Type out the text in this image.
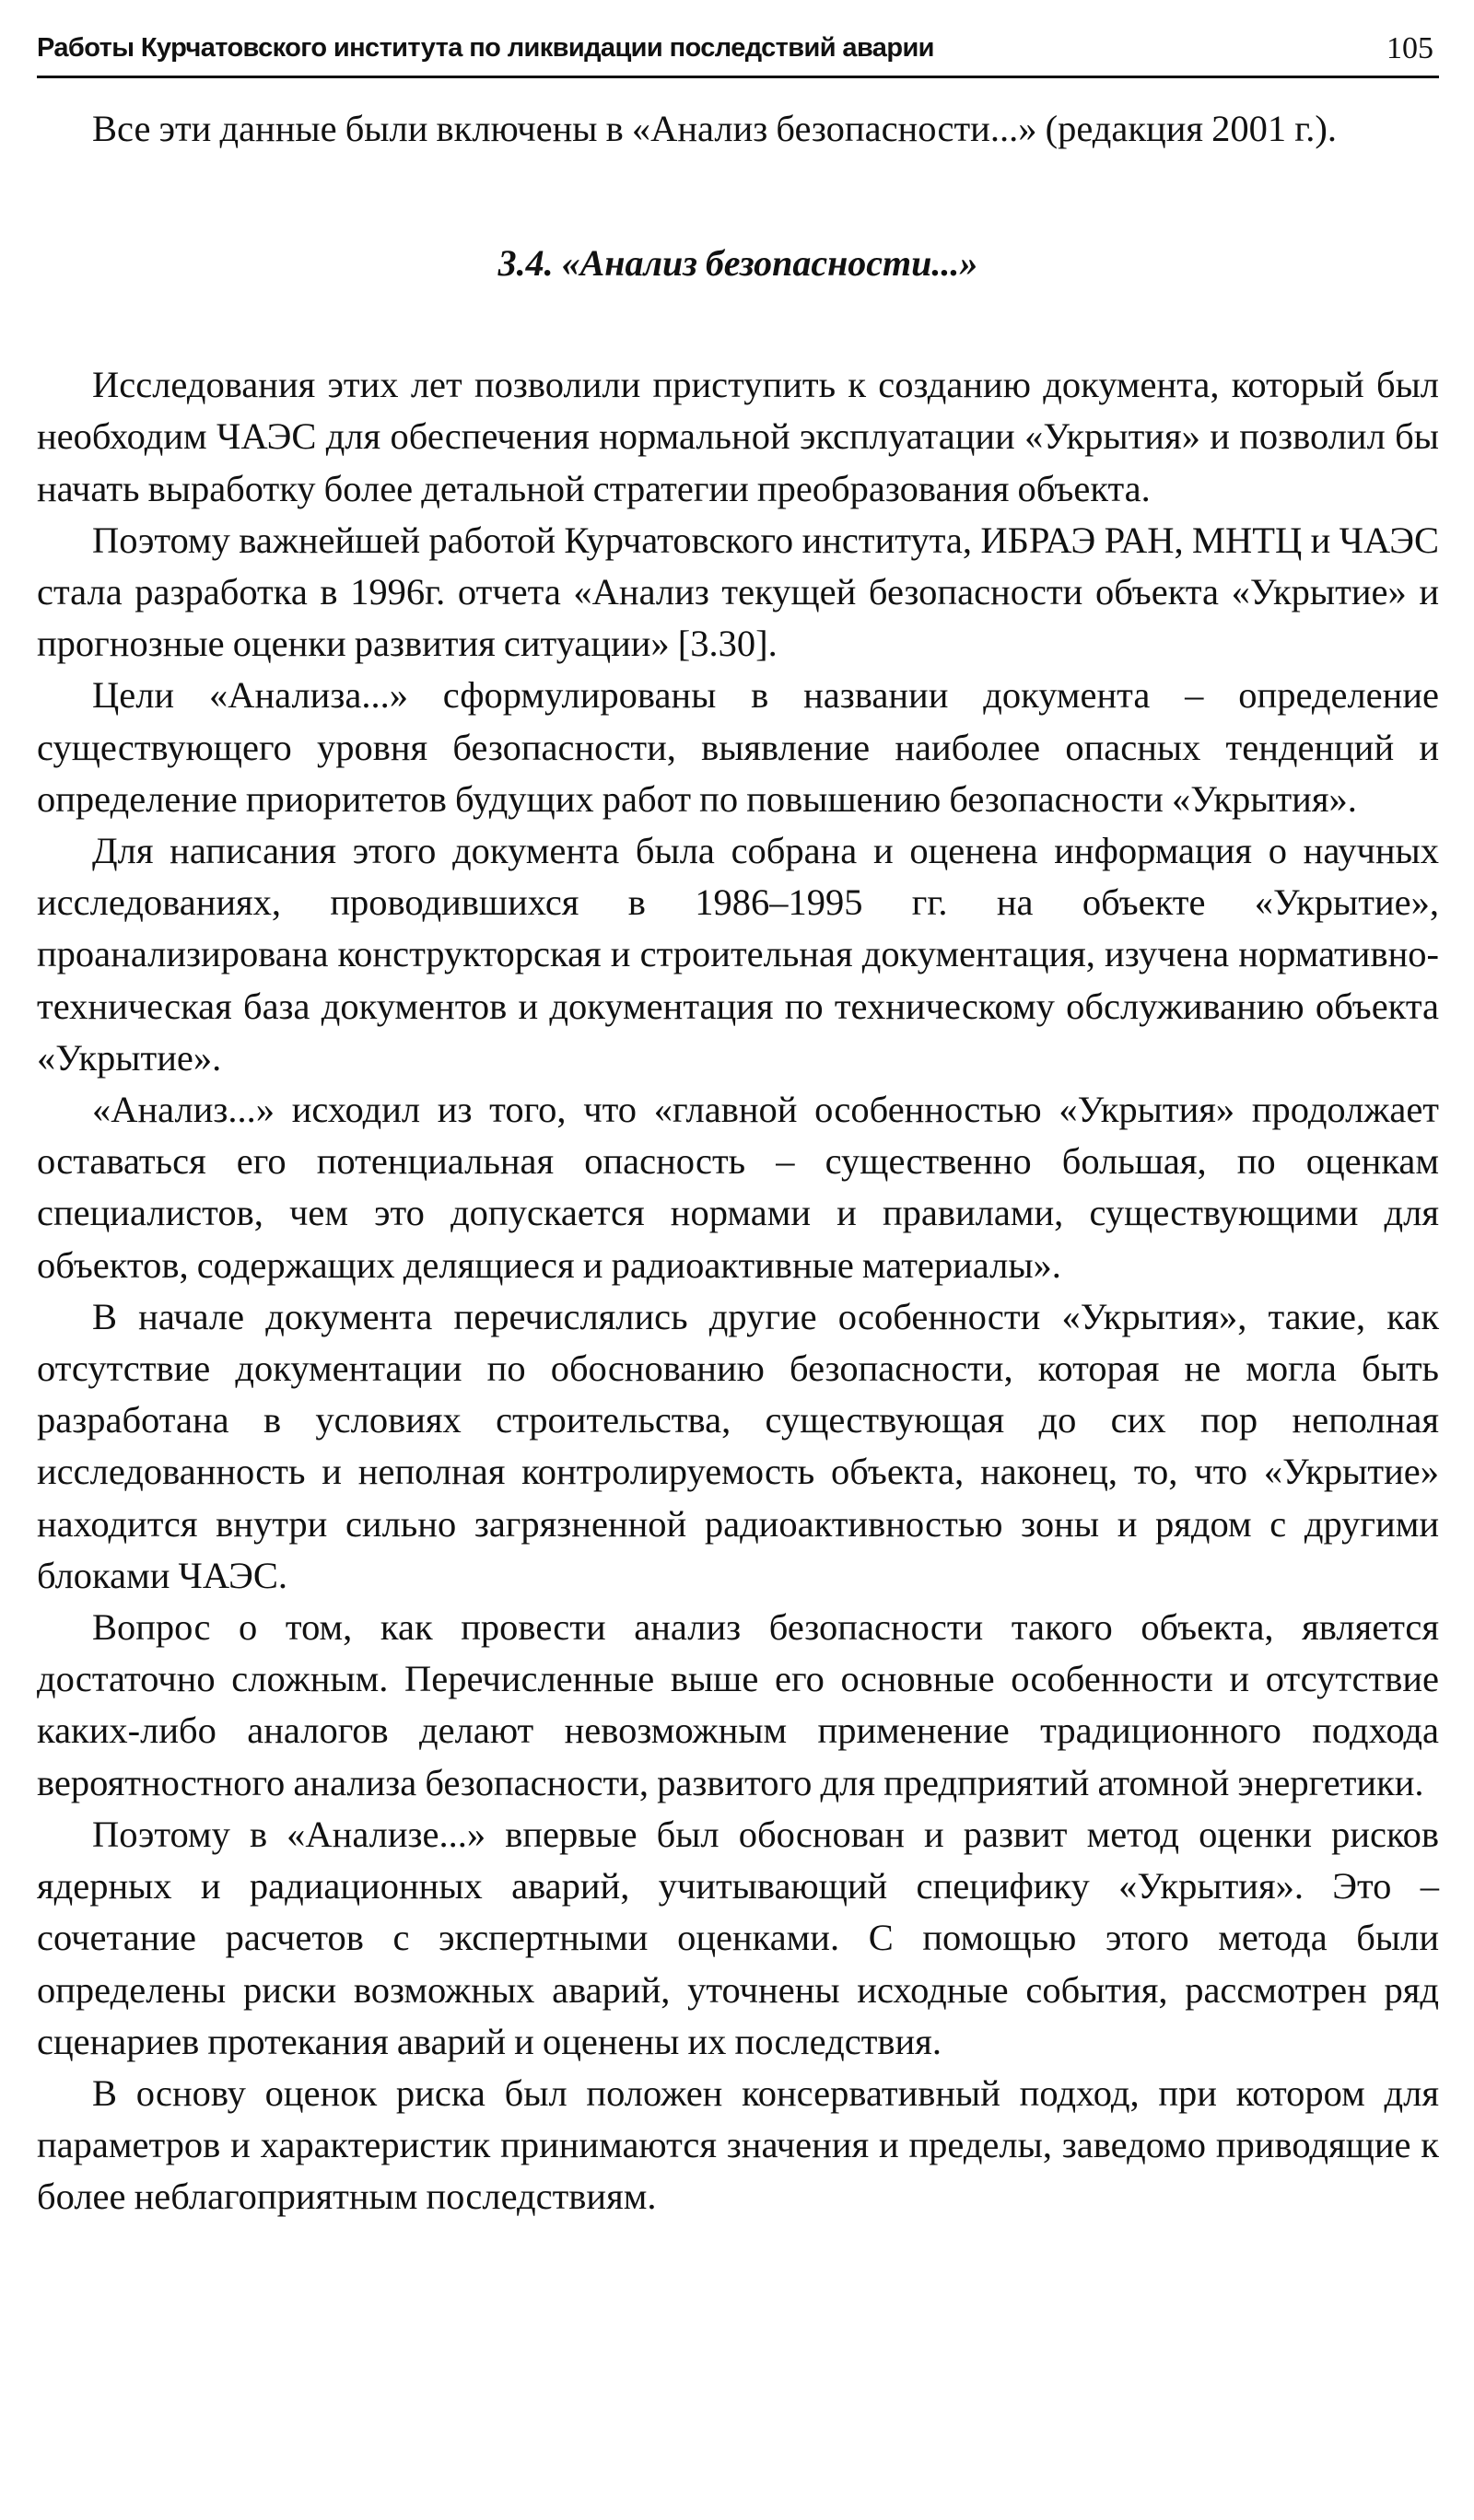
Работы Курчатовского института по ликвидации последствий аварии	105

Все эти данные были включены в «Анализ безопасности...» (редакция 2001 г.).

3.4. «Анализ безопасности...»

Исследования этих лет позволили приступить к созданию документа, который был необходим ЧАЭС для обеспечения нормальной эксплуатации «Укрытия» и позволил бы начать выработку более детальной стратегии преобразования объекта.

Поэтому важнейшей работой Курчатовского института, ИБРАЭ РАН, МНТЦ и ЧАЭС стала разработка в 1996г. отчета «Анализ текущей безопасности объекта «Укрытие» и прогнозные оценки развития ситуации» [3.30].

Цели «Анализа...» сформулированы в названии документа – определение существующего уровня безопасности, выявление наиболее опасных тенденций и определение приоритетов будущих работ по повышению безопасности «Укрытия».

Для написания этого документа была собрана и оценена информация о научных исследованиях, проводившихся в 1986–1995 гг. на объекте «Укрытие», проанализирована конструкторская и строительная документация, изучена нормативно-техническая база документов и документация по техническому обслуживанию объекта «Укрытие».

«Анализ...» исходил из того, что «главной особенностью «Укрытия» продолжает оставаться его потенциальная опасность – существенно большая, по оценкам специалистов, чем это допускается нормами и правилами, существующими для объектов, содержащих делящиеся и радиоактивные материалы».

В начале документа перечислялись другие особенности «Укрытия», такие, как отсутствие документации по обоснованию безопасности, которая не могла быть разработана в условиях строительства, существующая до сих пор неполная исследованность и неполная контролируемость объекта, наконец, то, что «Укрытие» находится внутри сильно загрязненной радиоактивностью зоны и рядом с другими блоками ЧАЭС.

Вопрос о том, как провести анализ безопасности такого объекта, является достаточно сложным. Перечисленные выше его основные особенности и отсутствие каких-либо аналогов делают невозможным применение традиционного подхода вероятностного анализа безопасности, развитого для предприятий атомной энергетики.

Поэтому в «Анализе...» впервые был обоснован и развит метод оценки рисков ядерных и радиационных аварий, учитывающий специфику «Укрытия». Это – сочетание расчетов с экспертными оценками. С помощью этого метода были определены риски возможных аварий, уточнены исходные события, рассмотрен ряд сценариев протекания аварий и оценены их последствия.

В основу оценок риска был положен консервативный подход, при котором для параметров и характеристик принимаются значения и пределы, заведомо приводящие к более неблагоприятным последствиям.
